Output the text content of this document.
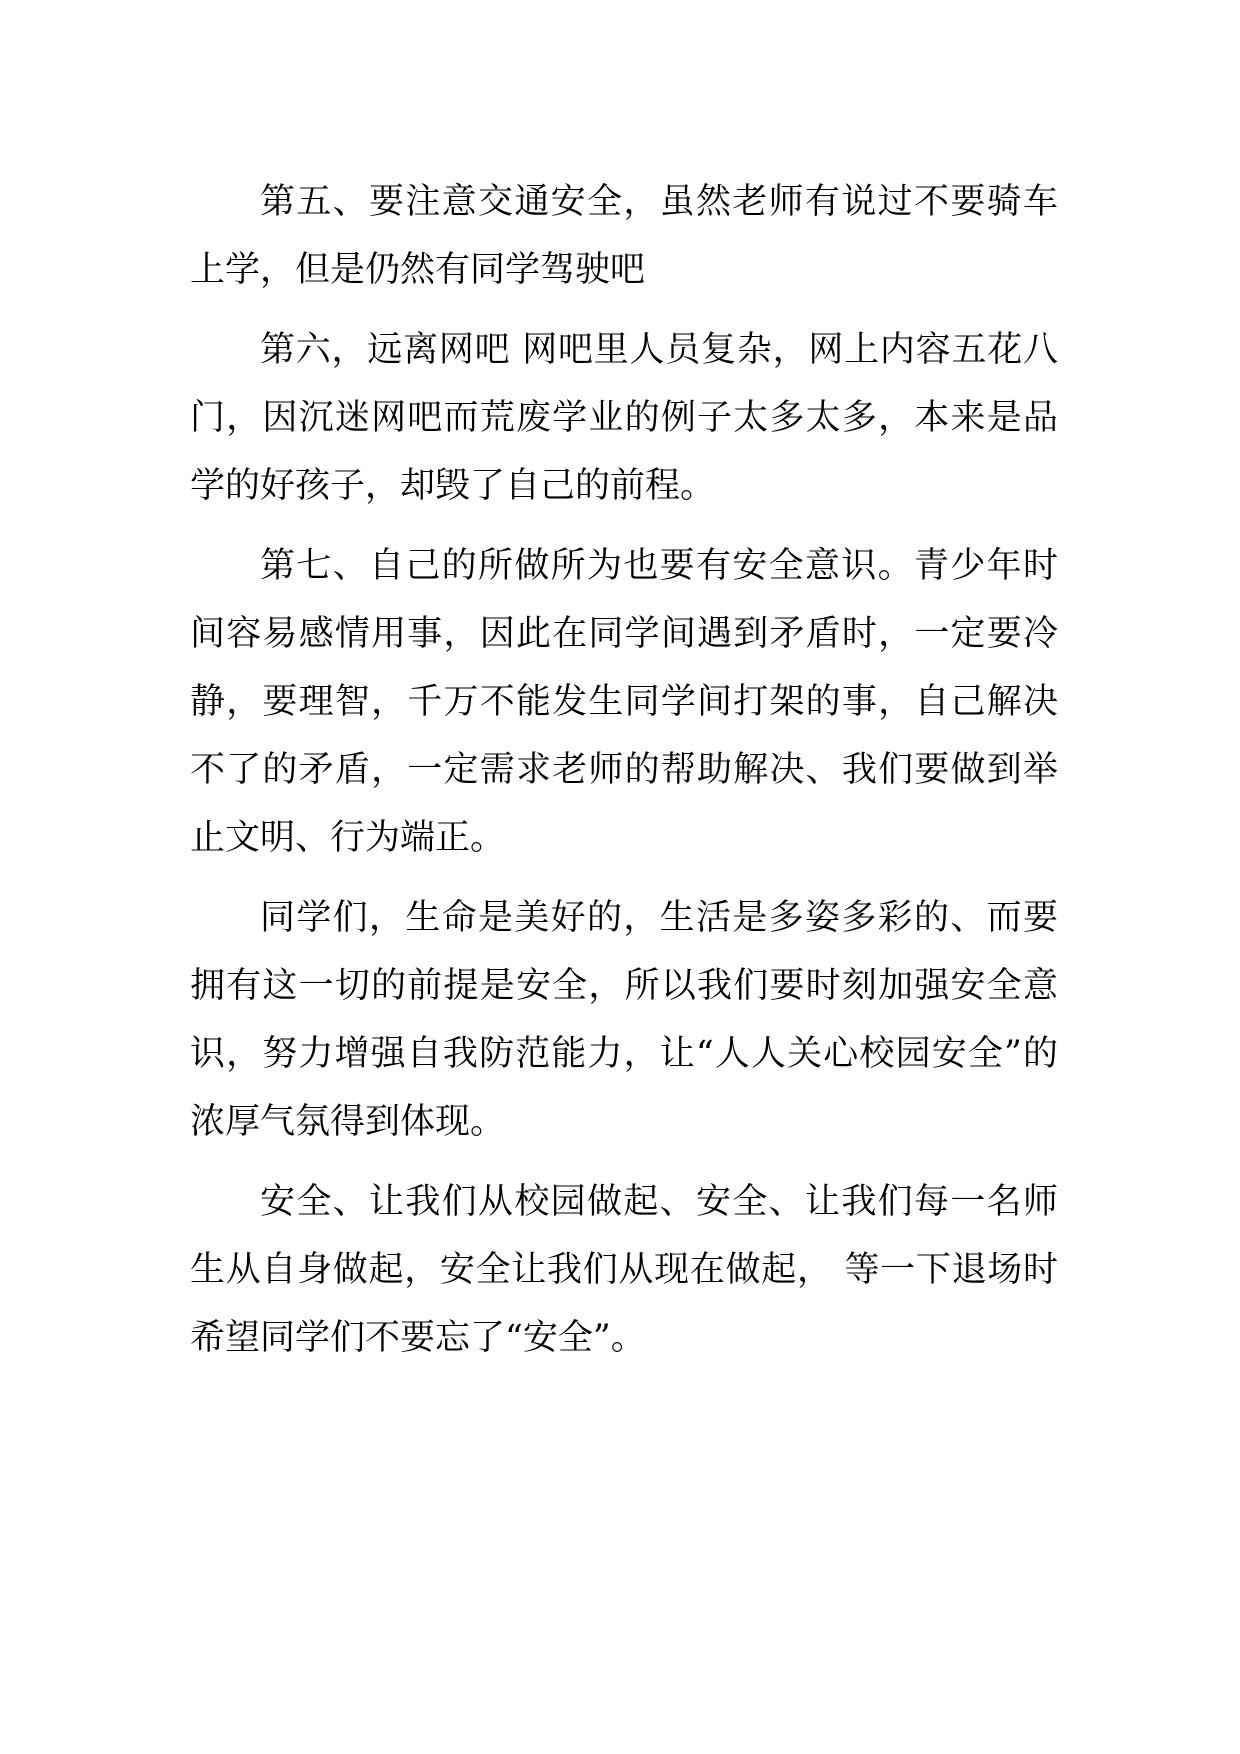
第五、要注意交通安全，虽然老师有说过不要骑车上学，但是仍然有同学驾驶吧

第六，远离网吧 网吧里人员复杂，网上内容五花八门，因沉迷网吧而荒废学业的例子太多太多，本来是品学的好孩子，却毁了自己的前程。

第七、自己的所做所为也要有安全意识。青少年时间容易感情用事，因此在同学间遇到矛盾时，一定要冷静，要理智，千万不能发生同学间打架的事，自己解决不了的矛盾，一定需求老师的帮助解决、我们要做到举止文明、行为端正。

同学们，生命是美好的，生活是多姿多彩的、而要拥有这一切的前提是安全，所以我们要时刻加强安全意识，努力增强自我防范能力，让“人人关心校园安全”的浓厚气氛得到体现。

安全、让我们从校园做起、安全、让我们每一名师生从自身做起，安全让我们从现在做起， 等一下退场时希望同学们不要忘了“安全”。
